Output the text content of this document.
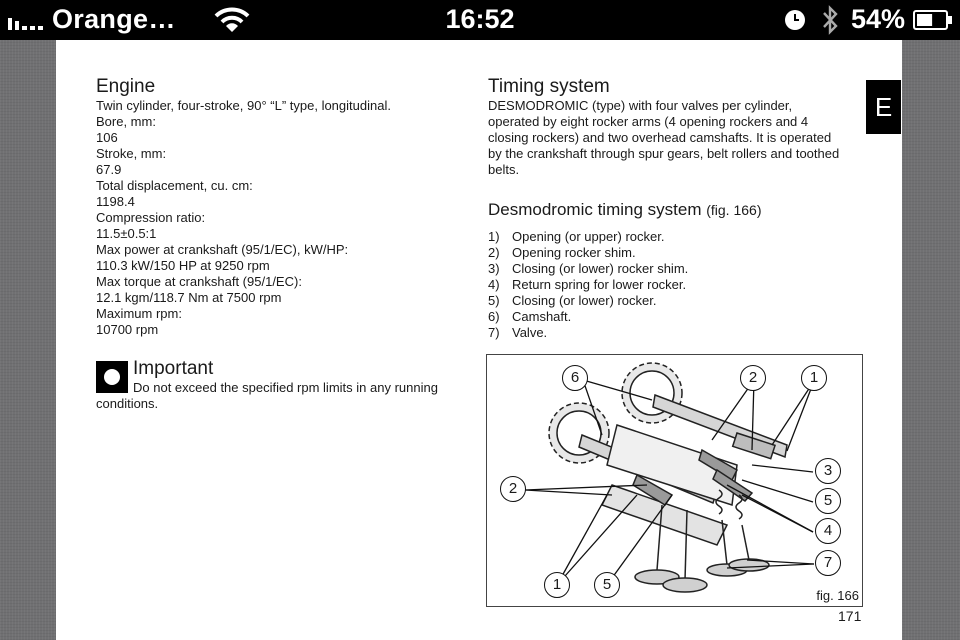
Orange…	16:52	54%
Engine
Twin cylinder, four-stroke, 90° “L” type, longitudinal.
Bore, mm:
106
Stroke, mm:
67.9
Total displacement, cu. cm:
1198.4
Compression ratio:
11.5±0.5:1
Max power at crankshaft (95/1/EC), kW/HP:
110.3 kW/150 HP at 9250 rpm
Max torque at crankshaft (95/1/EC):
12.1 kgm/118.7 Nm at 7500 rpm
Maximum rpm:
10700 rpm
Important
Do not exceed the specified rpm limits in any running conditions.
Timing system
DESMODROMIC (type) with four valves per cylinder,
operated by eight rocker arms (4 opening rockers and 4
closing rockers) and two overhead camshafts. It is operated
by the crankshaft through spur gears, belt rollers and toothed
belts.
Desmodromic timing system (fig. 166)
1) Opening (or upper) rocker.
2) Opening rocker shim.
3) Closing (or lower) rocker shim.
4) Return spring for lower rocker.
5) Closing (or lower) rocker.
6) Camshaft.
7) Valve.
6	2	1
3
5
4
7
2
1	5
fig. 166
171
E
